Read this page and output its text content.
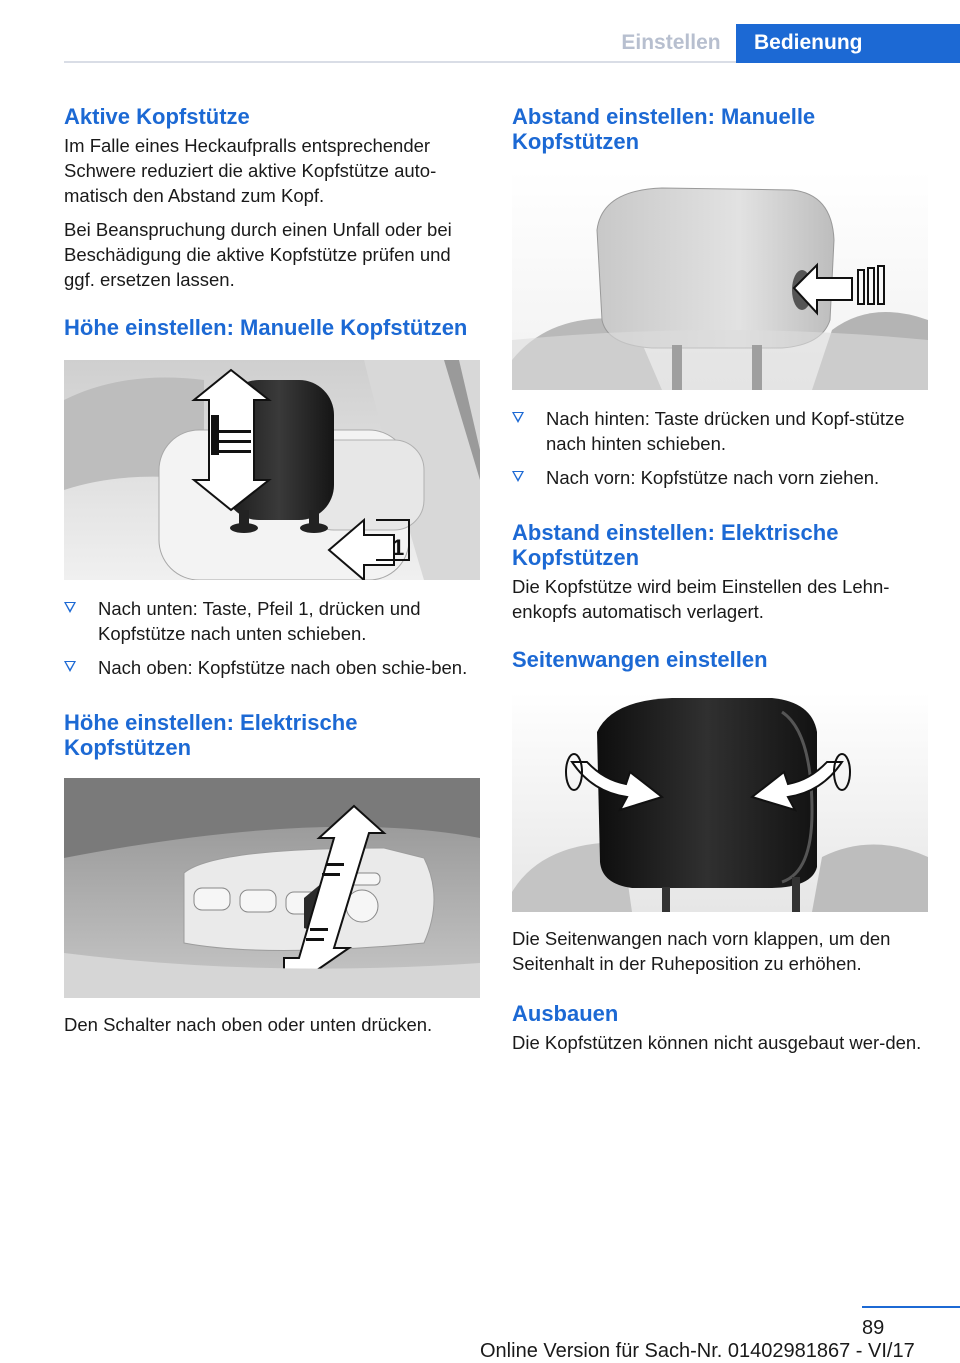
Einstellen	Bedienung
Aktive Kopfstütze

Im Falle eines Heckaufpralls entsprechender Schwere reduziert die aktive Kopfstütze auto-matisch den Abstand zum Kopf.

Bei Beanspruchung durch einen Unfall oder bei Beschädigung die aktive Kopfstütze prüfen und ggf. ersetzen lassen.

Höhe einstellen: Manuelle Kopfstützen
1
Nach unten: Taste, Pfeil 1, drücken und Kopfstütze nach unten schieben.
Nach oben: Kopfstütze nach oben schie-ben.
Höhe einstellen: Elektrische Kopfstützen

Den Schalter nach oben oder unten drücken.

Abstand einstellen: Manuelle Kopfstützen
Nach hinten: Taste drücken und Kopf-stütze nach hinten schieben.
Nach vorn: Kopfstütze nach vorn ziehen.
Abstand einstellen: Elektrische Kopfstützen

Die Kopfstütze wird beim Einstellen des Lehn-enkopfs automatisch verlagert.

Seitenwangen einstellen

Die Seitenwangen nach vorn klappen, um den Seitenhalt in der Ruheposition zu erhöhen.

Ausbauen

Die Kopfstützen können nicht ausgebaut wer-den.

89
Online Version für Sach-Nr. 01402981867 - VI/17
